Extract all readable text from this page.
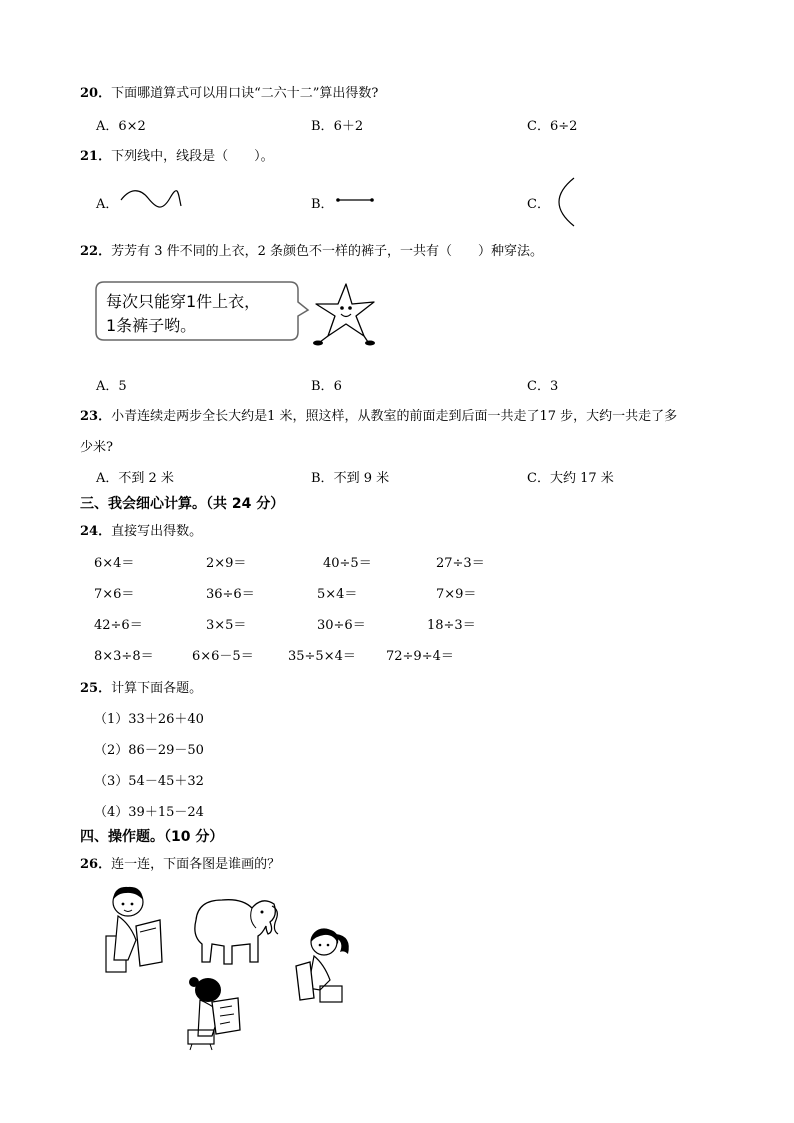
20．下面哪道算式可以用口诀“二六十二”算出得数?
A．6×2	B．6＋2	C．6÷2
21．下列线中，线段是（　　）。
A．	B．	C．
22．芳芳有 3 件不同的上衣，2 条颜色不一样的裤子，一共有（　　）种穿法。
每次只能穿1件上衣，
1条裤子哟。
A．5	B．6	C．3
23．小青连续走两步全长大约是1 米，照这样，从教室的前面走到后面一共走了17 步，大约一共走了多
少米?
A．不到 2 米	B．不到 9 米	C．大约 17 米
三、我会细心计算。（共 24 分）
24．直接写出得数。
6×4＝	2×9＝	40÷5＝	27÷3＝
7×6＝	36÷6＝	5×4＝	7×9＝
42÷6＝	3×5＝	30÷6＝	18÷3＝
8×3÷8＝	6×6－5＝	35÷5×4＝ 72÷9÷4＝
25．计算下面各题。
（1）33＋26＋40
（2）86－29－50
（3）54－45＋32
（4）39＋15－24
四、操作题。（10 分）
26．连一连，下面各图是谁画的？
